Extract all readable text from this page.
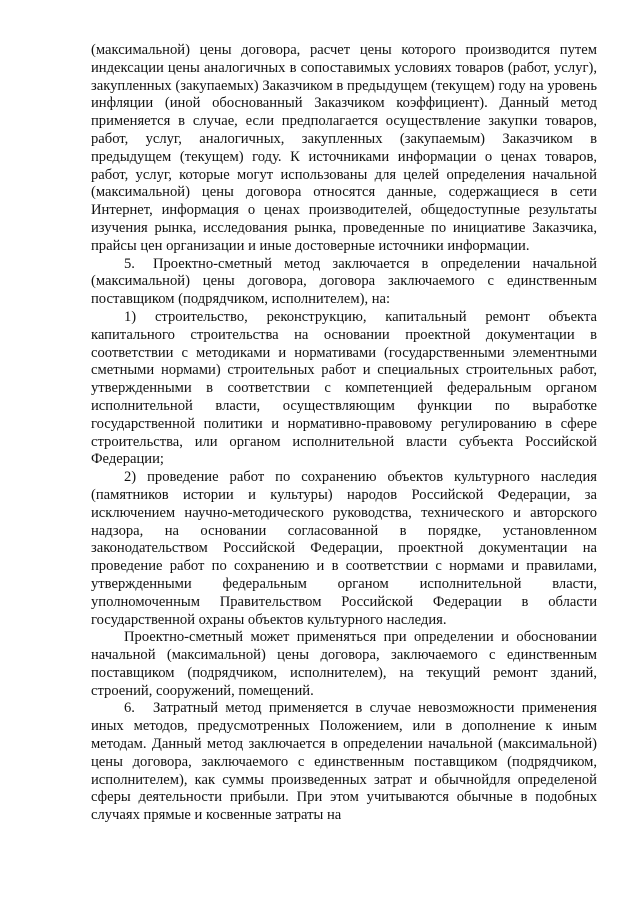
(максимальной) цены договора, расчет цены которого производится путем индексации цены аналогичных в сопоставимых условиях товаров (работ, услуг), закупленных (закупаемых) Заказчиком в предыдущем (текущем) году на уровень инфляции (иной обоснованный Заказчиком коэффициент). Данный метод применяется в случае, если предполагается осуществление закупки товаров, работ, услуг, аналогичных, закупленных (закупаемым) Заказчиком в предыдущем (текущем) году. К источниками информации о ценах товаров, работ, услуг, которые могут использованы для целей определения начальной (максимальной) цены договора относятся данные, содержащиеся в сети Интернет, информация о ценах производителей, общедоступные результаты изучения рынка, исследования рынка, проведенные по инициативе Заказчика, прайсы цен организации и иные достоверные источники информации.

5. Проектно-сметный метод заключается в определении начальной (максимальной) цены договора, договора заключаемого с единственным поставщиком (подрядчиком, исполнителем), на:

1) строительство, реконструкцию, капитальный ремонт объекта капитального строительства на основании проектной документации в соответствии с методиками и нормативами (государственными элементными сметными нормами) строительных работ и специальных строительных работ, утвержденными в соответствии с компетенцией федеральным органом исполнительной власти, осуществляющим функции по выработке государственной политики и нормативно-правовому регулированию в сфере строительства, или органом исполнительной власти субъекта Российской Федерации;

2) проведение работ по сохранению объектов культурного наследия (памятников истории и культуры) народов Российской Федерации, за исключением научно-методического руководства, технического и авторского надзора, на основании согласованной в порядке, установленном законодательством Российской Федерации, проектной документации на проведение работ по сохранению и в соответствии с нормами и правилами, утвержденными федеральным органом исполнительной власти, уполномоченным Правительством Российской Федерации в области государственной охраны объектов культурного наследия.

Проектно-сметный может применяться при определении и обосновании начальной (максимальной) цены договора, заключаемого с единственным поставщиком (подрядчиком, исполнителем), на текущий ремонт зданий, строений, сооружений, помещений.

6. Затратный метод применяется в случае невозможности применения иных методов, предусмотренных Положением, или в дополнение к иным методам. Данный метод заключается в определении начальной (максимальной) цены договора, заключаемого с единственным поставщиком (подрядчиком, исполнителем), как суммы произведенных затрат и обычнойдля определеной сферы деятельности прибыли. При этом учитываются обычные в подобных случаях прямые и косвенные затраты на
